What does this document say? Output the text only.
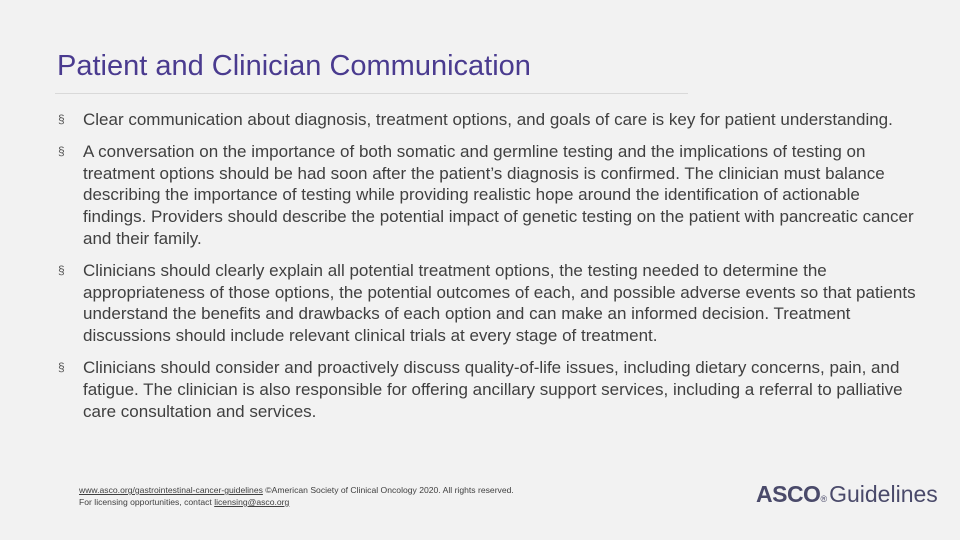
Patient and Clinician Communication
§ Clear communication about diagnosis, treatment options, and goals of care is key for patient understanding.
§ A conversation on the importance of both somatic and germline testing and the implications of testing on treatment options should be had soon after the patient’s diagnosis is confirmed. The clinician must balance describing the importance of testing while providing realistic hope around the identification of actionable findings. Providers should describe the potential impact of genetic testing on the patient with pancreatic cancer and their family.
§ Clinicians should clearly explain all potential treatment options, the testing needed to determine the appropriateness of those options, the potential outcomes of each, and possible adverse events so that patients understand the benefits and drawbacks of each option and can make an informed decision. Treatment discussions should include relevant clinical trials at every stage of treatment.
§ Clinicians should consider and proactively discuss quality-of-life issues, including dietary concerns, pain, and fatigue. The clinician is also responsible for offering ancillary support services, including a referral to palliative care consultation and services.
www.asco.org/gastrointestinal-cancer-guidelines ©American Society of Clinical Oncology 2020. All rights reserved.
For licensing opportunities, contact licensing@asco.org	ASCO ® Guidelines
